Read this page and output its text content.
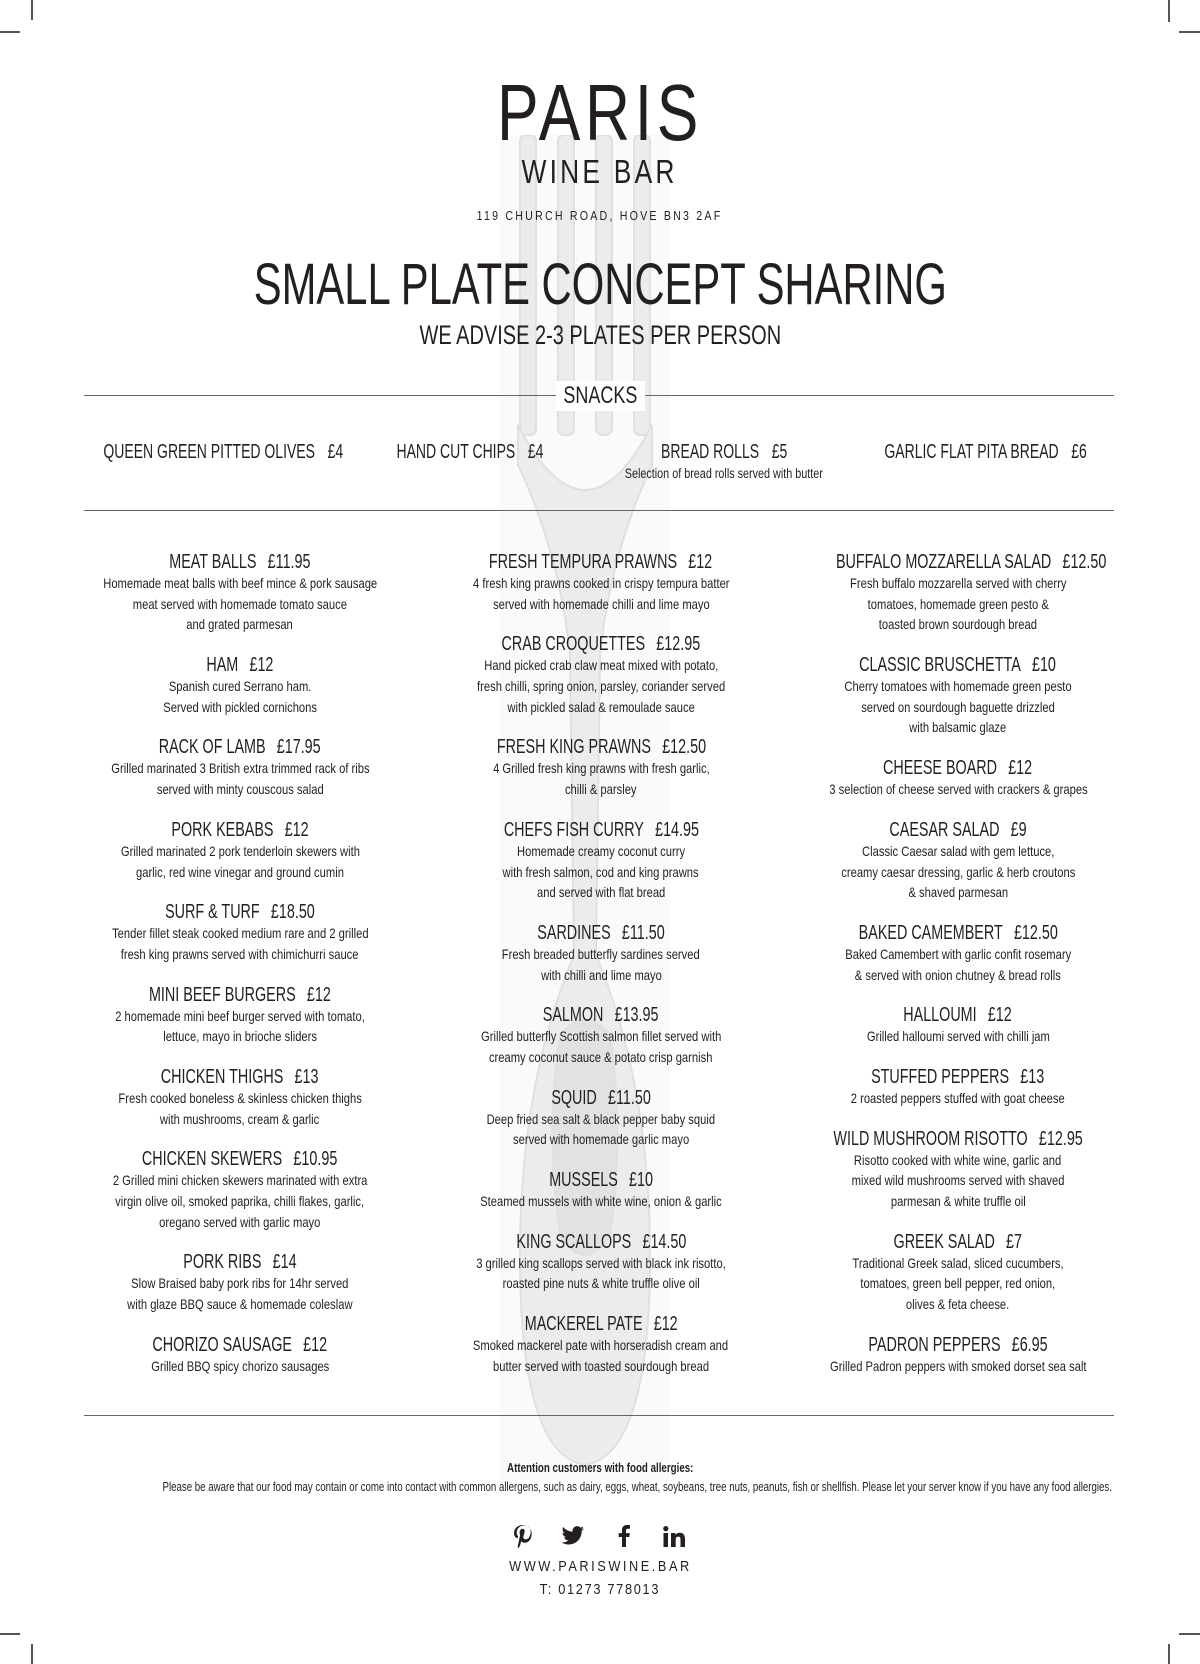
PARIS
WINE BAR
119 CHURCH ROAD, HOVE BN3 2AF
SMALL PLATE CONCEPT SHARING
WE ADVISE 2-3 PLATES PER PERSON
SNACKS
QUEEN GREEN PITTED OLIVES £4	HAND CUT CHIPS £4	BREAD ROLLS £5
Selection of bread rolls served with butter
GARLIC FLAT PITA BREAD £6
MEAT BALLS £11.95
Homemade meat balls with beef mince & pork sausage
meat served with homemade tomato sauce
and grated parmesan
HAM £12
Spanish cured Serrano ham.
Served with pickled cornichons
RACK OF LAMB £17.95
Grilled marinated 3 British extra trimmed rack of ribs
served with minty couscous salad
PORK KEBABS £12
Grilled marinated 2 pork tenderloin skewers with
garlic, red wine vinegar and ground cumin
SURF & TURF £18.50
Tender fillet steak cooked medium rare and 2 grilled
fresh king prawns served with chimichurri sauce
MINI BEEF BURGERS £12
2 homemade mini beef burger served with tomato,
lettuce, mayo in brioche sliders
CHICKEN THIGHS £13
Fresh cooked boneless & skinless chicken thighs
with mushrooms, cream & garlic
CHICKEN SKEWERS £10.95
2 Grilled mini chicken skewers marinated with extra
virgin olive oil, smoked paprika, chilli flakes, garlic,
oregano served with garlic mayo
PORK RIBS £14
Slow Braised baby pork ribs for 14hr served
with glaze BBQ sauce & homemade coleslaw
CHORIZO SAUSAGE £12
Grilled BBQ spicy chorizo sausages
FRESH TEMPURA PRAWNS £12
4 fresh king prawns cooked in crispy tempura batter
served with homemade chilli and lime mayo
CRAB CROQUETTES £12.95
Hand picked crab claw meat mixed with potato,
fresh chilli, spring onion, parsley, coriander served
with pickled salad & remoulade sauce
FRESH KING PRAWNS £12.50
4 Grilled fresh king prawns with fresh garlic,
chilli & parsley
CHEFS FISH CURRY £14.95
Homemade creamy coconut curry
with fresh salmon, cod and king prawns
and served with flat bread
SARDINES £11.50
Fresh breaded butterfly sardines served
with chilli and lime mayo
SALMON £13.95
Grilled butterfly Scottish salmon fillet served with
creamy coconut sauce & potato crisp garnish
SQUID £11.50
Deep fried sea salt & black pepper baby squid
served with homemade garlic mayo
MUSSELS £10
Steamed mussels with white wine, onion & garlic
KING SCALLOPS £14.50
3 grilled king scallops served with black ink risotto,
roasted pine nuts & white truffle olive oil
MACKEREL PATE £12
Smoked mackerel pate with horseradish cream and
butter served with toasted sourdough bread
BUFFALO MOZZARELLA SALAD £12.50
Fresh buffalo mozzarella served with cherry
tomatoes, homemade green pesto &
toasted brown sourdough bread
CLASSIC BRUSCHETTA £10
Cherry tomatoes with homemade green pesto
served on sourdough baguette drizzled
with balsamic glaze
CHEESE BOARD £12
3 selection of cheese served with crackers & grapes
CAESAR SALAD £9
Classic Caesar salad with gem lettuce,
creamy caesar dressing, garlic & herb croutons
& shaved parmesan
BAKED CAMEMBERT £12.50
Baked Camembert with garlic confit rosemary
& served with onion chutney & bread rolls
HALLOUMI £12
Grilled halloumi served with chilli jam
STUFFED PEPPERS £13
2 roasted peppers stuffed with goat cheese
WILD MUSHROOM RISOTTO £12.95
Risotto cooked with white wine, garlic and
mixed wild mushrooms served with shaved
parmesan & white truffle oil
GREEK SALAD £7
Traditional Greek salad, sliced cucumbers,
tomatoes, green bell pepper, red onion,
olives & feta cheese.
PADRON PEPPERS £6.95
Grilled Padron peppers with smoked dorset sea salt
Attention customers with food allergies:
Please be aware that our food may contain or come into contact with common allergens, such as dairy, eggs, wheat, soybeans, tree nuts, peanuts, fish or shellfish. Please let your server know if you have any food allergies.
WWW.PARISWINE.BAR
T: 01273 778013
